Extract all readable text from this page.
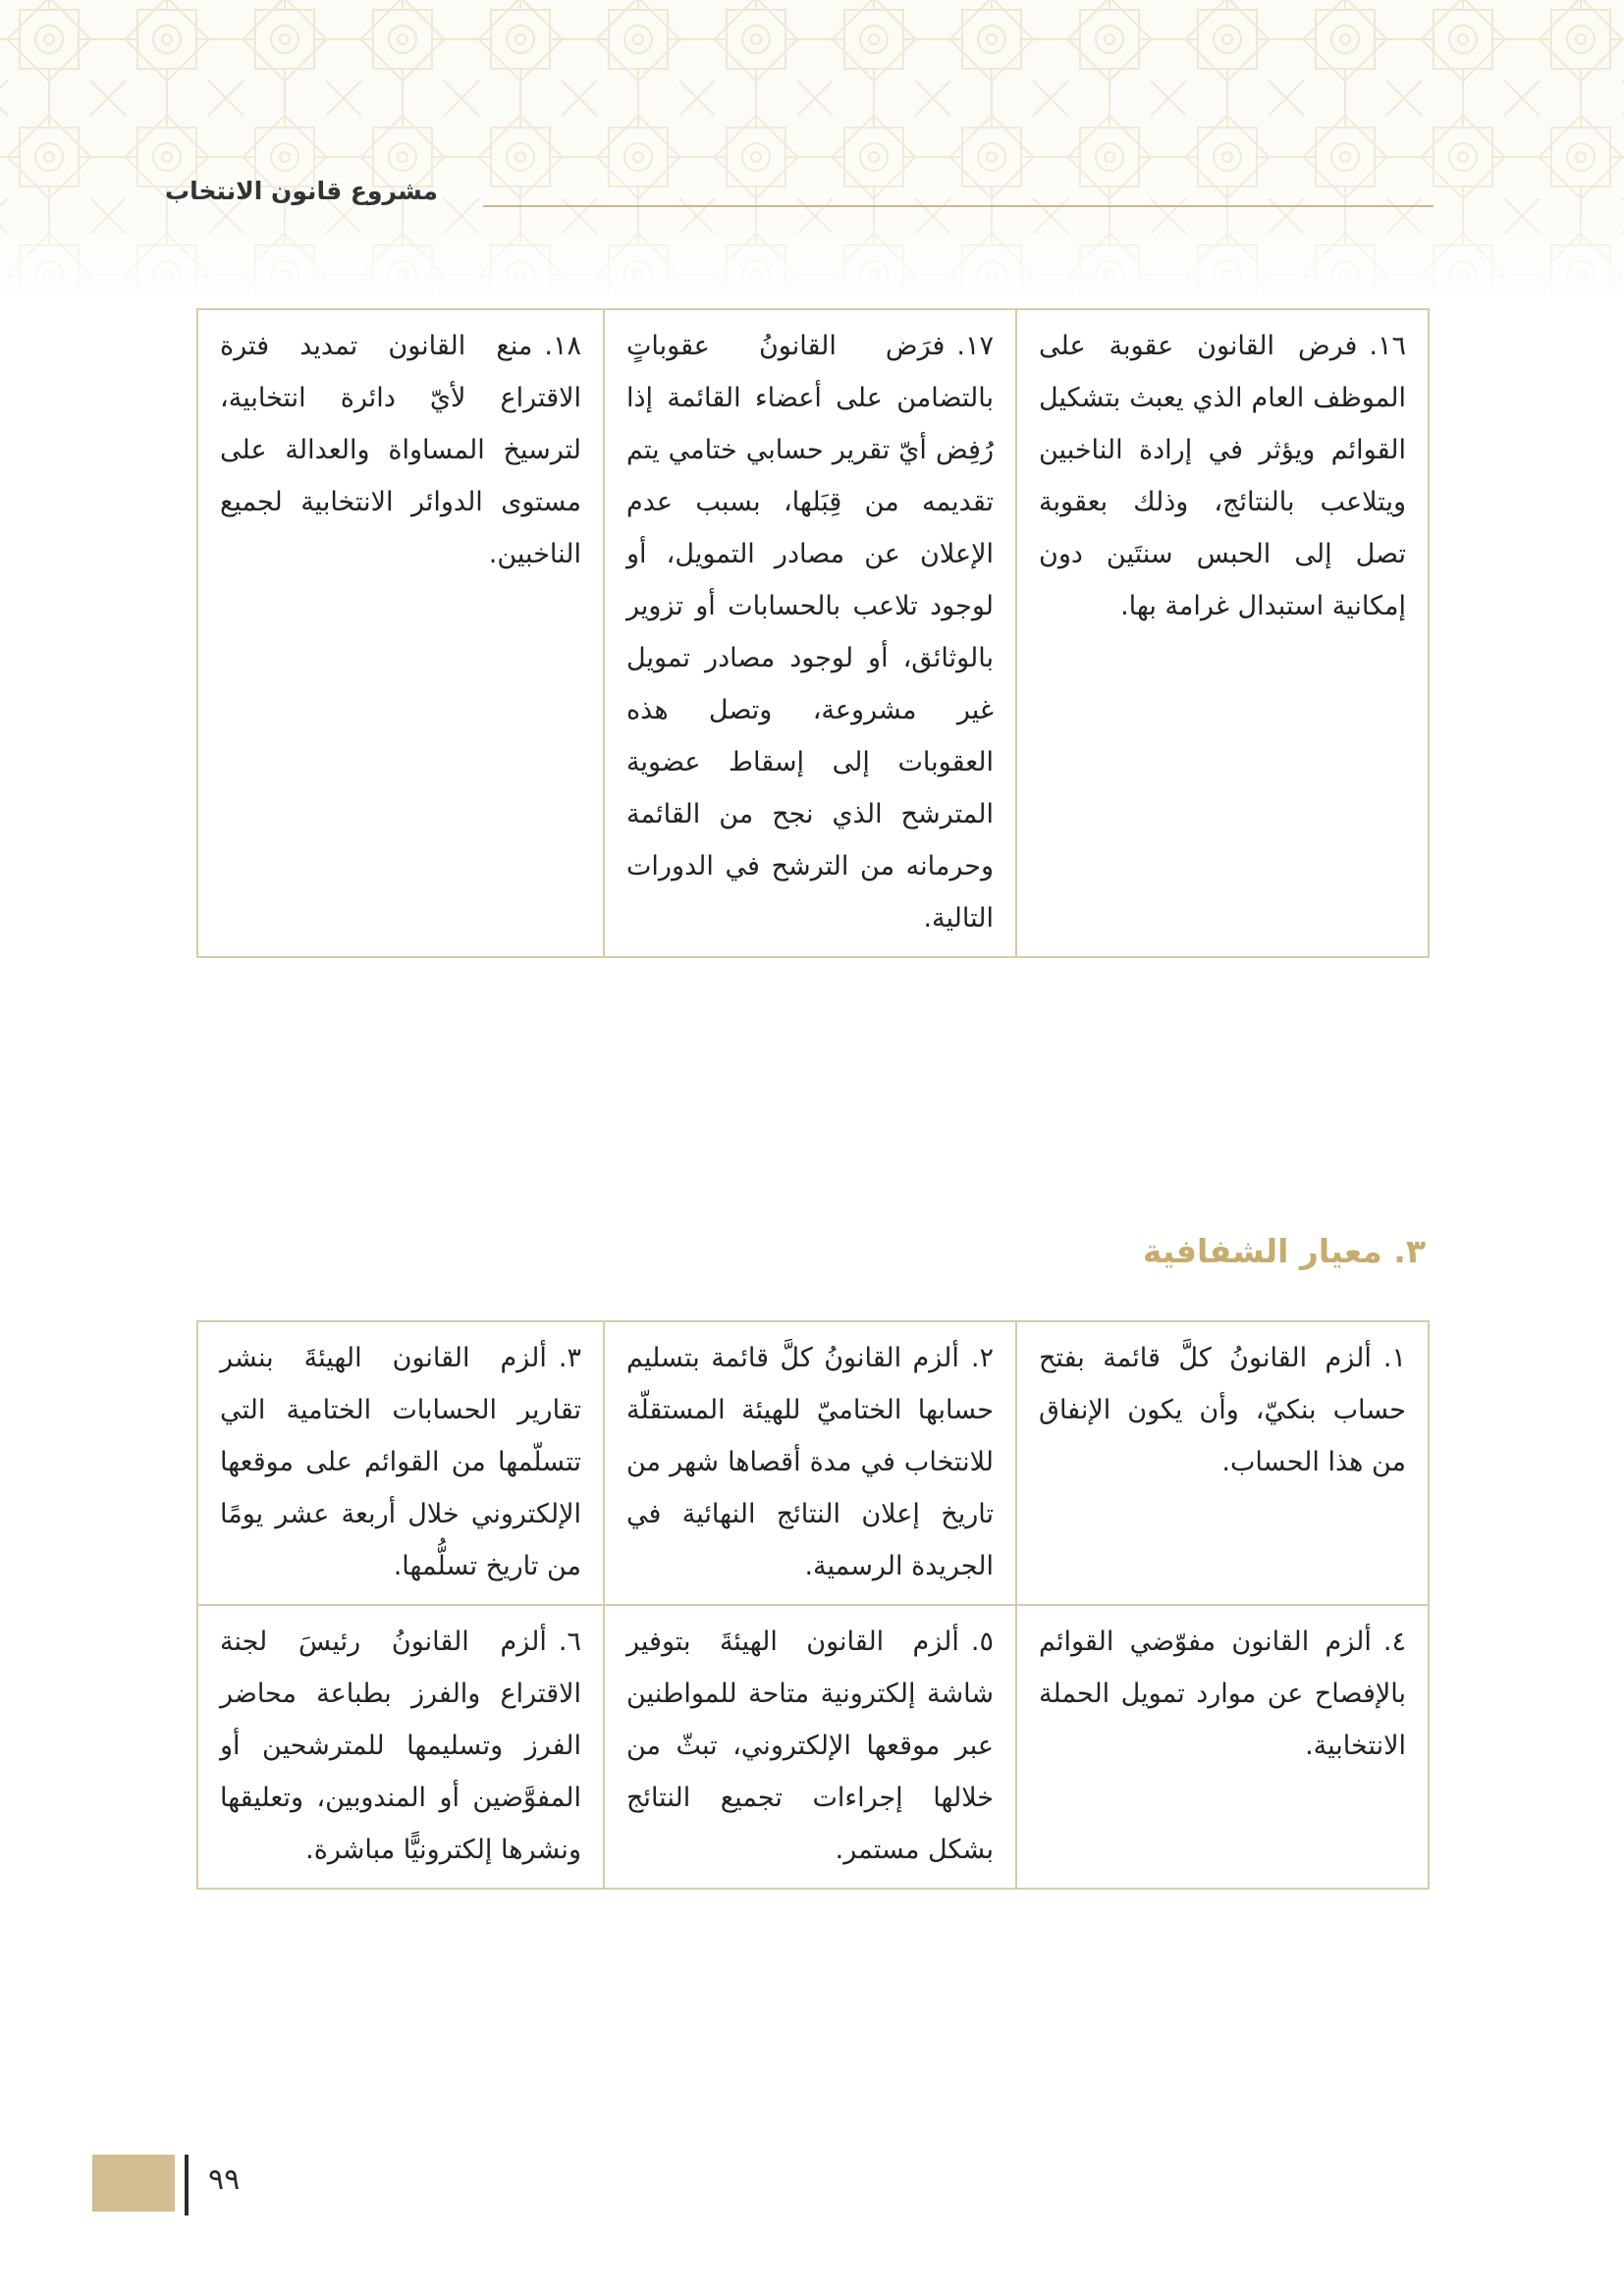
مشروع قانون الانتخاب
١٦.فرض القانون عقوبة على الموظف العام الذي يعبث بتشكيل القوائم ويؤثر في إرادة الناخبين ويتلاعب بالنتائج، وذلك بعقوبة تصل إلى الحبس سنتَين دون إمكانية استبدال غرامة بها.	١٧.فرَض القانونُ عقوباتٍ بالتضامن على أعضاء القائمة إذا رُفِض أيّ تقرير حسابي ختامي يتم تقديمه من قِبَلها، بسبب عدم الإعلان عن مصادر التمويل، أو لوجود تلاعب بالحسابات أو تزوير بالوثائق، أو لوجود مصادر تمويل غير مشروعة، وتصل هذه العقوبات إلى إسقاط عضوية المترشح الذي نجح من القائمة وحرمانه من الترشح في الدورات التالية.	١٨.منع القانون تمديد فترة الاقتراع لأيّ دائرة انتخابية، لترسيخ المساواة والعدالة على مستوى الدوائر الانتخابية لجميع الناخبين.
٣. معيار الشفافية
١.ألزم القانونُ كلَّ قائمة بفتح حساب بنكيّ، وأن يكون الإنفاق من هذا الحساب.	٢.ألزم القانونُ كلَّ قائمة بتسليم حسابها الختاميّ للهيئة المستقلّة للانتخاب في مدة أقصاها شهر من تاريخ إعلان النتائج النهائية في الجريدة الرسمية.	٣.ألزم القانون الهيئةَ بنشر تقارير الحسابات الختامية التي تتسلّمها من القوائم على موقعها الإلكتروني خلال أربعة عشر يومًا من تاريخ تسلُّمها.
٤.ألزم القانون مفوّضي القوائم بالإفصاح عن موارد تمويل الحملة الانتخابية.	٥.ألزم القانون الهيئةَ بتوفير شاشة إلكترونية متاحة للمواطنين عبر موقعها الإلكتروني، تبثّ من خلالها إجراءات تجميع النتائج بشكل مستمر.	٦.ألزم القانونُ رئيسَ لجنة الاقتراع والفرز بطباعة محاضر الفرز وتسليمها للمترشحين أو المفوَّضين أو المندوبين، وتعليقها ونشرها إلكترونيًّا مباشرة.
٩٩
